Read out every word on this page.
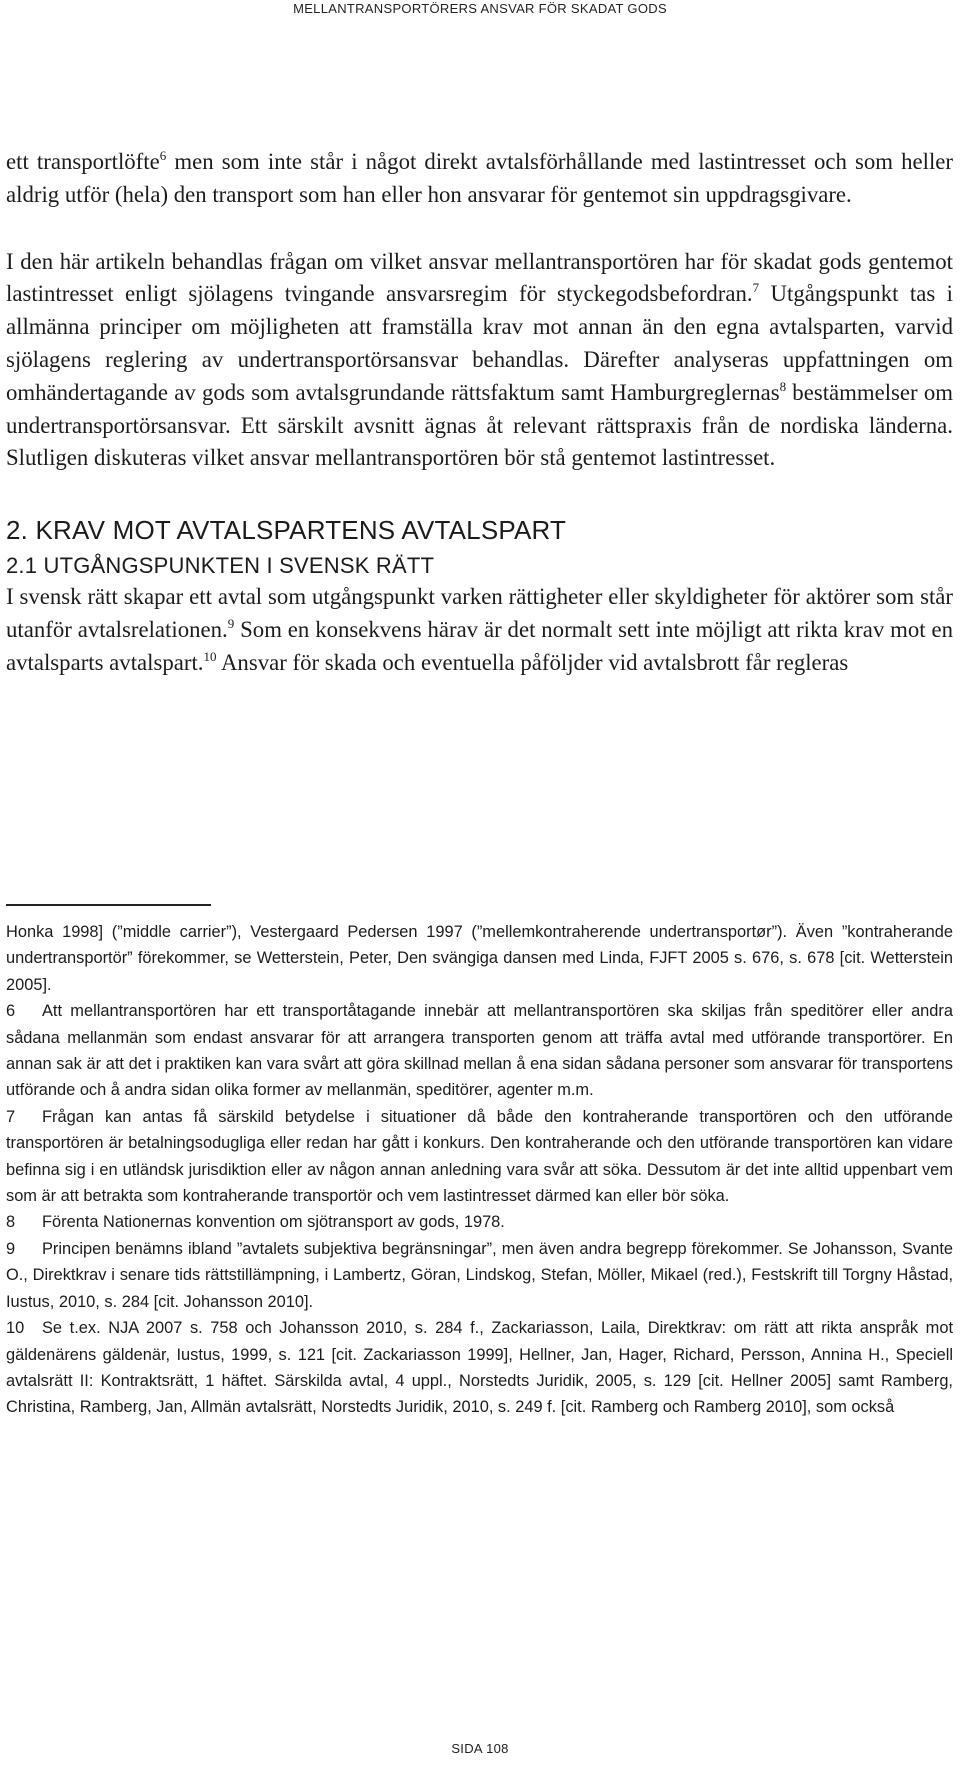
MELLANTRANSPORTÖRERS ANSVAR FÖR SKADAT GODS

ett transportlöfte$^6$ men som inte står i något direkt avtalsförhållande med lastintresset och som heller aldrig utför (hela) den transport som han eller hon ansvarar för gentemot sin uppdragsgivare.

I den här artikeln behandlas frågan om vilket ansvar mellantransportören har för skadat gods gentemot lastintresset enligt sjölagens tvingande ansvarsregim för styckegodsbefordran.$^7$ Utgångspunkt tas i allmänna principer om möjligheten att framställa krav mot annan än den egna avtalsparten, varvid sjölagens reglering av undertransportörsansvar behandlas. Därefter analyseras uppfattningen om omhändertagande av gods som avtalsgrundande rättsfaktum samt Hamburgreglernas$^8$ bestämmelser om undertransportörsansvar. Ett särskilt avsnitt ägnas åt relevant rättspraxis från de nordiska länderna. Slutligen diskuteras vilket ansvar mellantransportören bör stå gentemot lastintresset.

2. KRAV MOT AVTALSPARTENS AVTALSPART
2.1 UTGÅNGSPUNKTEN I SVENSK RÄTT

I svensk rätt skapar ett avtal som utgångspunkt varken rättigheter eller skyldigheter för aktörer som står utanför avtalsrelationen.$^9$ Som en konsekvens härav är det normalt sett inte möjligt att rikta krav mot en avtalsparts avtalspart.$^{10}$ Ansvar för skada och eventuella påföljder vid avtalsbrott får regleras

Honka 1998] (”middle carrier”), Vestergaard Pedersen 1997 (”mellemkontraherende undertransportør”). Även ”kontraherande undertransportör” förekommer, se Wetterstein, Peter, Den svängiga dansen med Linda, FJFT 2005 s. 676, s. 678 [cit. Wetterstein 2005].

6 Att mellantransportören har ett transportåtagande innebär att mellantransportören ska skiljas från speditörer eller andra sådana mellanmän som endast ansvarar för att arrangera transporten genom att träffa avtal med utförande transportörer. En annan sak är att det i praktiken kan vara svårt att göra skillnad mellan å ena sidan sådana personer som ansvarar för transportens utförande och å andra sidan olika former av mellanmän, speditörer, agenter m.m.

7 Frågan kan antas få särskild betydelse i situationer då både den kontraherande transportören och den utförande transportören är betalningsodugliga eller redan har gått i konkurs. Den kontraherande och den utförande transportören kan vidare befinna sig i en utländsk jurisdiktion eller av någon annan anledning vara svår att söka. Dessutom är det inte alltid uppenbart vem som är att betrakta som kontraherande transportör och vem lastintresset därmed kan eller bör söka.

8 Förenta Nationernas konvention om sjötransport av gods, 1978.

9 Principen benämns ibland ”avtalets subjektiva begränsningar”, men även andra begrepp förekommer. Se Johansson, Svante O., Direktkrav i senare tids rättstillämpning, i Lambertz, Göran, Lindskog, Stefan, Möller, Mikael (red.), Festskrift till Torgny Håstad, Iustus, 2010, s. 284 [cit. Johansson 2010].

10 Se t.ex. NJA 2007 s. 758 och Johansson 2010, s. 284 f., Zackariasson, Laila, Direktkrav: om rätt att rikta anspråk mot gäldenärens gäldenär, Iustus, 1999, s. 121 [cit. Zackariasson 1999], Hellner, Jan, Hager, Richard, Persson, Annina H., Speciell avtalsrätt II: Kontraktsrätt, 1 häftet. Särskilda avtal, 4 uppl., Norstedts Juridik, 2005, s. 129 [cit. Hellner 2005] samt Ramberg, Christina, Ramberg, Jan, Allmän avtalsrätt, Norstedts Juridik, 2010, s. 249 f. [cit. Ramberg och Ramberg 2010], som också

SIDA 108
